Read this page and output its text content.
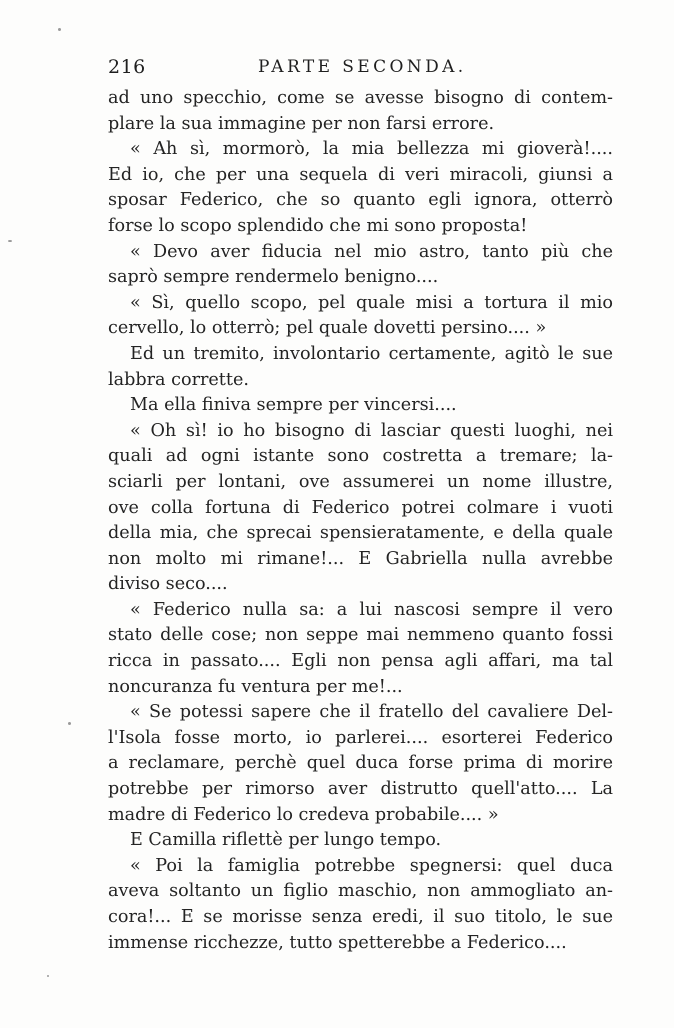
216	PARTE SECONDA.
ad uno specchio, come se avesse bisogno di contem-
plare la sua immagine per non farsi errore.
« Ah sì, mormorò, la mia bellezza mi gioverà!....
Ed io, che per una sequela di veri miracoli, giunsi a
sposar Federico, che so quanto egli ignora, otterrò
forse lo scopo splendido che mi sono proposta!
« Devo aver fiducia nel mio astro, tanto più che
saprò sempre rendermelo benigno....
« Sì, quello scopo, pel quale misi a tortura il mio
cervello, lo otterrò; pel quale dovetti persino.... »
Ed un tremito, involontario certamente, agitò le sue
labbra corrette.
Ma ella finiva sempre per vincersi....
« Oh sì! io ho bisogno di lasciar questi luoghi, nei
quali ad ogni istante sono costretta a tremare; la-
sciarli per lontani, ove assumerei un nome illustre,
ove colla fortuna di Federico potrei colmare i vuoti
della mia, che sprecai spensieratamente, e della quale
non molto mi rimane!... E Gabriella nulla avrebbe
diviso seco....
« Federico nulla sa: a lui nascosi sempre il vero
stato delle cose; non seppe mai nemmeno quanto fossi
ricca in passato.... Egli non pensa agli affari, ma tal
noncuranza fu ventura per me!...
« Se potessi sapere che il fratello del cavaliere Del-
l'Isola fosse morto, io parlerei.... esorterei Federico
a reclamare, perchè quel duca forse prima di morire
potrebbe per rimorso aver distrutto quell'atto.... La
madre di Federico lo credeva probabile.... »
E Camilla riflettè per lungo tempo.
« Poi la famiglia potrebbe spegnersi: quel duca
aveva soltanto un figlio maschio, non ammogliato an-
cora!... E se morisse senza eredi, il suo titolo, le sue
immense ricchezze, tutto spetterebbe a Federico....
